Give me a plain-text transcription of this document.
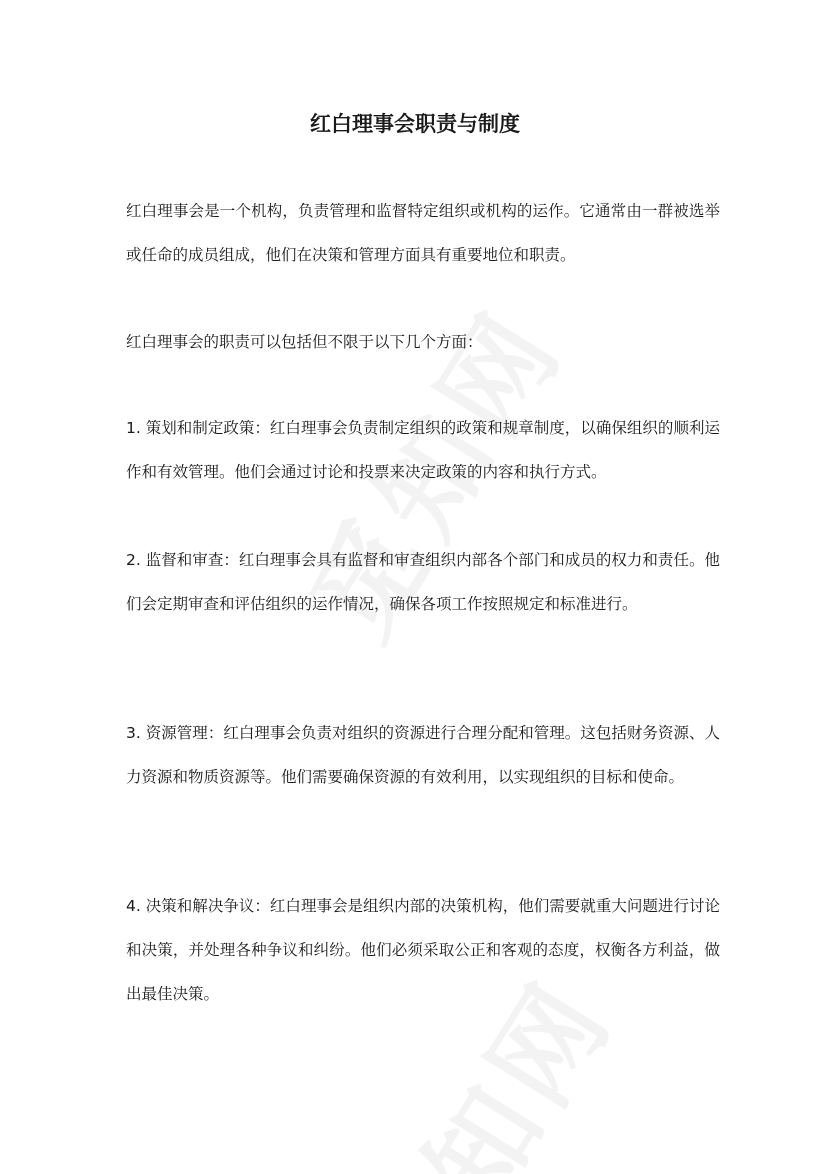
红白理事会职责与制度

红白理事会是一个机构，负责管理和监督特定组织或机构的运作。它通常由一群被选举或任命的成员组成，他们在决策和管理方面具有重要地位和职责。

红白理事会的职责可以包括但不限于以下几个方面：

1. 策划和制定政策：红白理事会负责制定组织的政策和规章制度，以确保组织的顺利运作和有效管理。他们会通过讨论和投票来决定政策的内容和执行方式。

2. 监督和审查：红白理事会具有监督和审查组织内部各个部门和成员的权力和责任。他们会定期审查和评估组织的运作情况，确保各项工作按照规定和标准进行。

3. 资源管理：红白理事会负责对组织的资源进行合理分配和管理。这包括财务资源、人力资源和物质资源等。他们需要确保资源的有效利用，以实现组织的目标和使命。

4. 决策和解决争议：红白理事会是组织内部的决策机构，他们需要就重大问题进行讨论和决策，并处理各种争议和纠纷。他们必须采取公正和客观的态度，权衡各方利益，做出最佳决策。
